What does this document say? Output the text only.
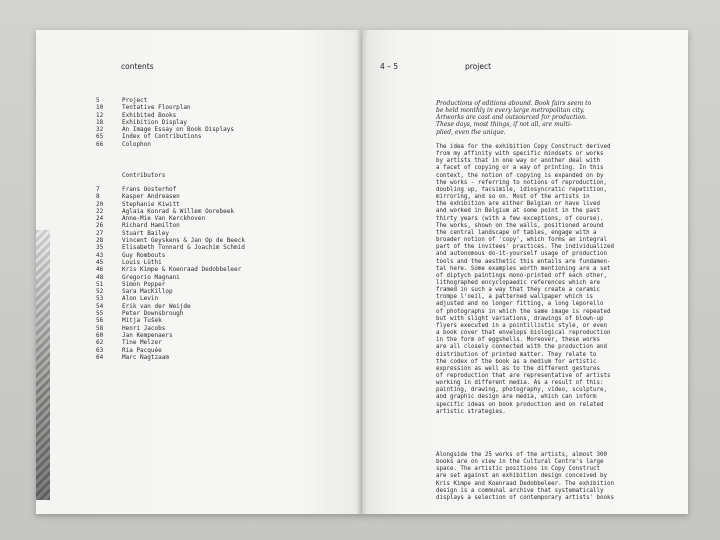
contents	4 – 5	project
5	Project
10	Tentative Floorplan
12	Exhibited Books
18	Exhibition Display
32	An Image Essay on Book Displays
65	Index of Contributions
66	Colophon
Contributors
7	Frans Oosterhof
8	Kasper Andreasen
20	Stephanie Kiwitt
22	Aglaia Konrad & Willem Oorebeek
24	Anne-Mie Van Kerckhoven
26	Richard Hamilton
27	Stuart Bailey
28	Vincent Geyskens & Jan Op de Beeck
35	Elisabeth Tonnard & Joachim Schmid
43	Guy Rombouts
45	Louis Lüthi
46	Kris Kimpe & Koenraad Dedobbeleer
48	Gregorio Magnani
51	Simon Popper
52	Sara MacKillop
53	Alon Levin
54	Erik van der Weijde
55	Peter Downsbrough
56	Mitja Tušek
58	Henri Jacobs
60	Jan Kempenaers
62	Tine Melzer
63	Ria Pacquée
64	Marc Nagtzaam
Productions of editions abound. Book fairs seem to
be held monthly in every large metropolitan city.
Artworks are cast and outsourced for production.
These days, most things, if not all, are multi-
plied, even the unique.
The idea for the exhibition Copy Construct derived
from my affinity with specific mindsets or works
by artists that in one way or another deal with
a facet of copying or a way of printing. In this
context, the notion of copying is expanded on by
the works - referring to notions of reproduction,
doubling up, facsimile, idiosyncratic repetition,
mirroring, and so on. Most of the artists in
the exhibition are either Belgian or have lived
and worked in Belgium at some point in the past
thirty years (with a few exceptions, of course).
The works, shown on the walls, positioned around
the central landscape of tables, engage with a
broader notion of 'copy', which forms an integral
part of the invitees' practices. The individualized
and autonomous do-it-yourself usage of production
tools and the aesthetic this entails are fundamen-
tal here. Some examples worth mentioning are a set
of diptych paintings mono-printed off each other,
lithographed encyclopaedic references which are
framed in such a way that they create a ceramic
trompe l'oeil, a patterned wallpaper which is
adjusted and no longer fitting, a long leporello
of photographs in which the same image is repeated
but with slight variations, drawings of blown-up
flyers executed in a pointillistic style, or even
a book cover that envelops biological reproduction
in the form of eggshells. Moreover, these works
are all closely connected with the production and
distribution of printed matter. They relate to
the codex of the book as a medium for artistic
expression as well as to the different gestures
of reproduction that are representative of artists
working in different media. As a result of this:
painting, drawing, photography, video, sculpture,
and graphic design are media, which can inform
specific ideas on book production and on related
artistic strategies.
Alongside the 25 works of the artists, almost 300
books are on view in the Cultural Centre's large
space. The artistic positions in Copy Construct
are set against an exhibition design conceived by
Kris Kimpe and Koenraad Dedobbeleer. The exhibition
design is a communal archive that systematically
displays a selection of contemporary artists' books
